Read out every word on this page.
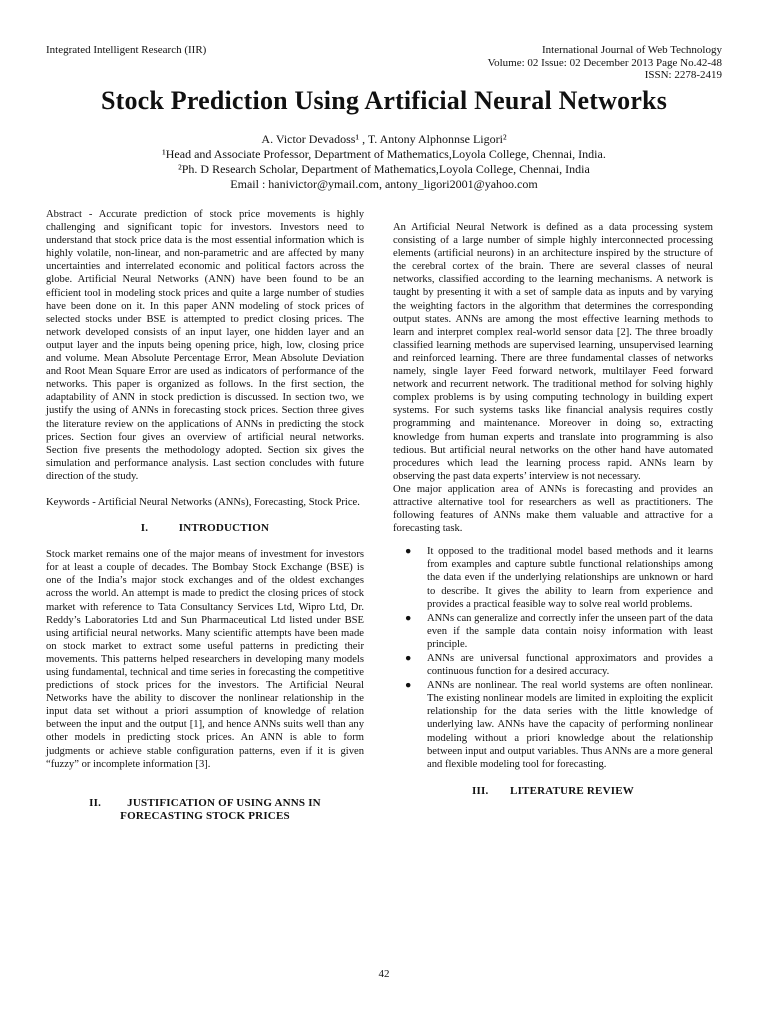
Integrated Intelligent Research (IIR)	International Journal of Web Technology
Volume: 02 Issue: 02 December 2013 Page No.42-48
ISSN: 2278-2419
Stock Prediction Using Artificial Neural Networks
A. Victor Devadoss¹ , T. Antony Alphonnse Ligori²
¹Head and Associate Professor, Department of Mathematics,Loyola College, Chennai, India.
²Ph. D Research Scholar, Department of Mathematics,Loyola College, Chennai, India
Email : hanivictor@ymail.com, antony_ligori2001@yahoo.com

Abstract - Accurate prediction of stock price movements is highly challenging and significant topic for investors. Investors need to understand that stock price data is the most essential information which is highly volatile, non-linear, and non-parametric and are affected by many uncertainties and interrelated economic and political factors across the globe. Artificial Neural Networks (ANN) have been found to be an efficient tool in modeling stock prices and quite a large number of studies have been done on it. In this paper ANN modeling of stock prices of selected stocks under BSE is attempted to predict closing prices. The network developed consists of an input layer, one hidden layer and an output layer and the inputs being opening price, high, low, closing price and volume. Mean Absolute Percentage Error, Mean Absolute Deviation and Root Mean Square Error are used as indicators of performance of the networks. This paper is organized as follows. In the first section, the adaptability of ANN in stock prediction is discussed. In section two, we justify the using of ANNs in forecasting stock prices. Section three gives the literature review on the applications of ANNs in predicting the stock prices. Section four gives an overview of artificial neural networks. Section five presents the methodology adopted. Section six gives the simulation and performance analysis. Last section concludes with future direction of the study.

Keywords - Artificial Neural Networks (ANNs), Forecasting, Stock Price.

I.	INTRODUCTION

Stock market remains one of the major means of investment for investors for at least a couple of decades. The Bombay Stock Exchange (BSE) is one of the India’s major stock exchanges and of the oldest exchanges across the world. An attempt is made to predict the closing prices of stock market with reference to Tata Consultancy Services Ltd, Wipro Ltd, Dr. Reddy’s Laboratories Ltd and Sun Pharmaceutical Ltd listed under BSE using artificial neural networks. Many scientific attempts have been made on stock market to extract some useful patterns in predicting their movements. This patterns helped researchers in developing many models using fundamental, technical and time series in forecasting the competitive predictions of stock prices for the investors. The Artificial Neural Networks have the ability to discover the nonlinear relationship in the input data set without a priori assumption of knowledge of relation between the input and the output [1], and hence ANNs suits well than any other models in predicting stock prices. An ANN is able to form judgments or achieve stable configuration patterns, even if it is given “fuzzy” or incomplete information [3].

II. JUSTIFICATION OF USING ANNS IN
FORECASTING STOCK PRICES

An Artificial Neural Network is defined as a data processing system consisting of a large number of simple highly interconnected processing elements (artificial neurons) in an architecture inspired by the structure of the cerebral cortex of the brain. There are several classes of neural networks, classified according to the learning mechanisms. A network is taught by presenting it with a set of sample data as inputs and by varying the weighting factors in the algorithm that determines the corresponding output states. ANNs are among the most effective learning methods to learn and interpret complex real-world sensor data [2]. The three broadly classified learning methods are supervised learning, unsupervised learning and reinforced learning. There are three fundamental classes of networks namely, single layer Feed forward network, multilayer Feed forward network and recurrent network. The traditional method for solving highly complex problems is by using computing technology in building expert systems. For such systems tasks like financial analysis requires costly programming and maintenance. Moreover in doing so, extracting knowledge from human experts and translate into programming is also tedious. But artificial neural networks on the other hand have automated procedures which lead the learning process rapid. ANNs learn by observing the past data experts’ interview is not necessary.

One major application area of ANNs is forecasting and provides an attractive alternative tool for researchers as well as practitioners. The following features of ANNs make them valuable and attractive for a forecasting task.

● It opposed to the traditional model based methods and it learns from examples and capture subtle functional relationships among the data even if the underlying relationships are unknown or hard to describe. It gives the ability to learn from experience and provides a practical feasible way to solve real world problems.
● ANNs can generalize and correctly infer the unseen part of the data even if the sample data contain noisy information with least principle.
● ANNs are universal functional approximators and provides a continuous function for a desired accuracy.
● ANNs are nonlinear. The real world systems are often nonlinear. The existing nonlinear models are limited in exploiting the explicit relationship for the data series with the little knowledge of underlying law. ANNs have the capacity of performing nonlinear modeling without a priori knowledge about the relationship between input and output variables. Thus ANNs are a more general and flexible modeling tool for forecasting.
III. LITERATURE REVIEW
42
